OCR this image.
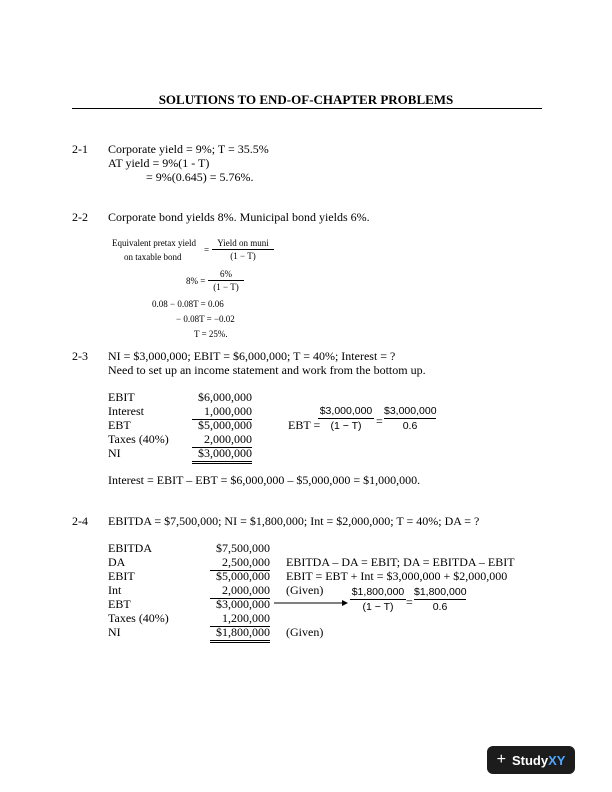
SOLUTIONS TO END-OF-CHAPTER PROBLEMS
2-1 Corporate yield = 9%; T = 35.5%
AT yield = 9%(1 - T)
= 9%(0.645) = 5.76%.
2-2 Corporate bond yields 8%. Municipal bond yields 6%.
Equivalent pretax yield
on taxable bond
=
Yield on muni
(1 − T)
8% =
6%
(1 − T)
0.08 − 0.08T = 0.06
− 0.08T = −0.02
T = 25%.
2-3 NI = $3,000,000; EBIT = $6,000,000; T = 40%; Interest = ?
Need to set up an income statement and work from the bottom up.
EBIT	$6,000,000
Interest	1,000,000
EBT	$5,000,000
Taxes (40%)	2,000,000
NI	$3,000,000
EBT =
$3,000,000
(1 − T)	=
$3,000,000
0.6
Interest = EBIT – EBT = $6,000,000 – $5,000,000 = $1,000,000.
2-4 EBITDA = $7,500,000; NI = $1,800,000; Int = $2,000,000; T = 40%; DA = ?
EBITDA	$7,500,000
DA	2,500,000
EBIT	$5,000,000
Int	2,000,000
EBT	$3,000,000
Taxes (40%)	1,200,000
NI	$1,800,000
EBITDA – DA = EBIT; DA = EBITDA – EBIT
EBIT = EBT + Int = $3,000,000 + $2,000,000
(Given)
(Given)
$1,800,000
(1 − T)	=
$1,800,000
0.6
+ StudyXY
